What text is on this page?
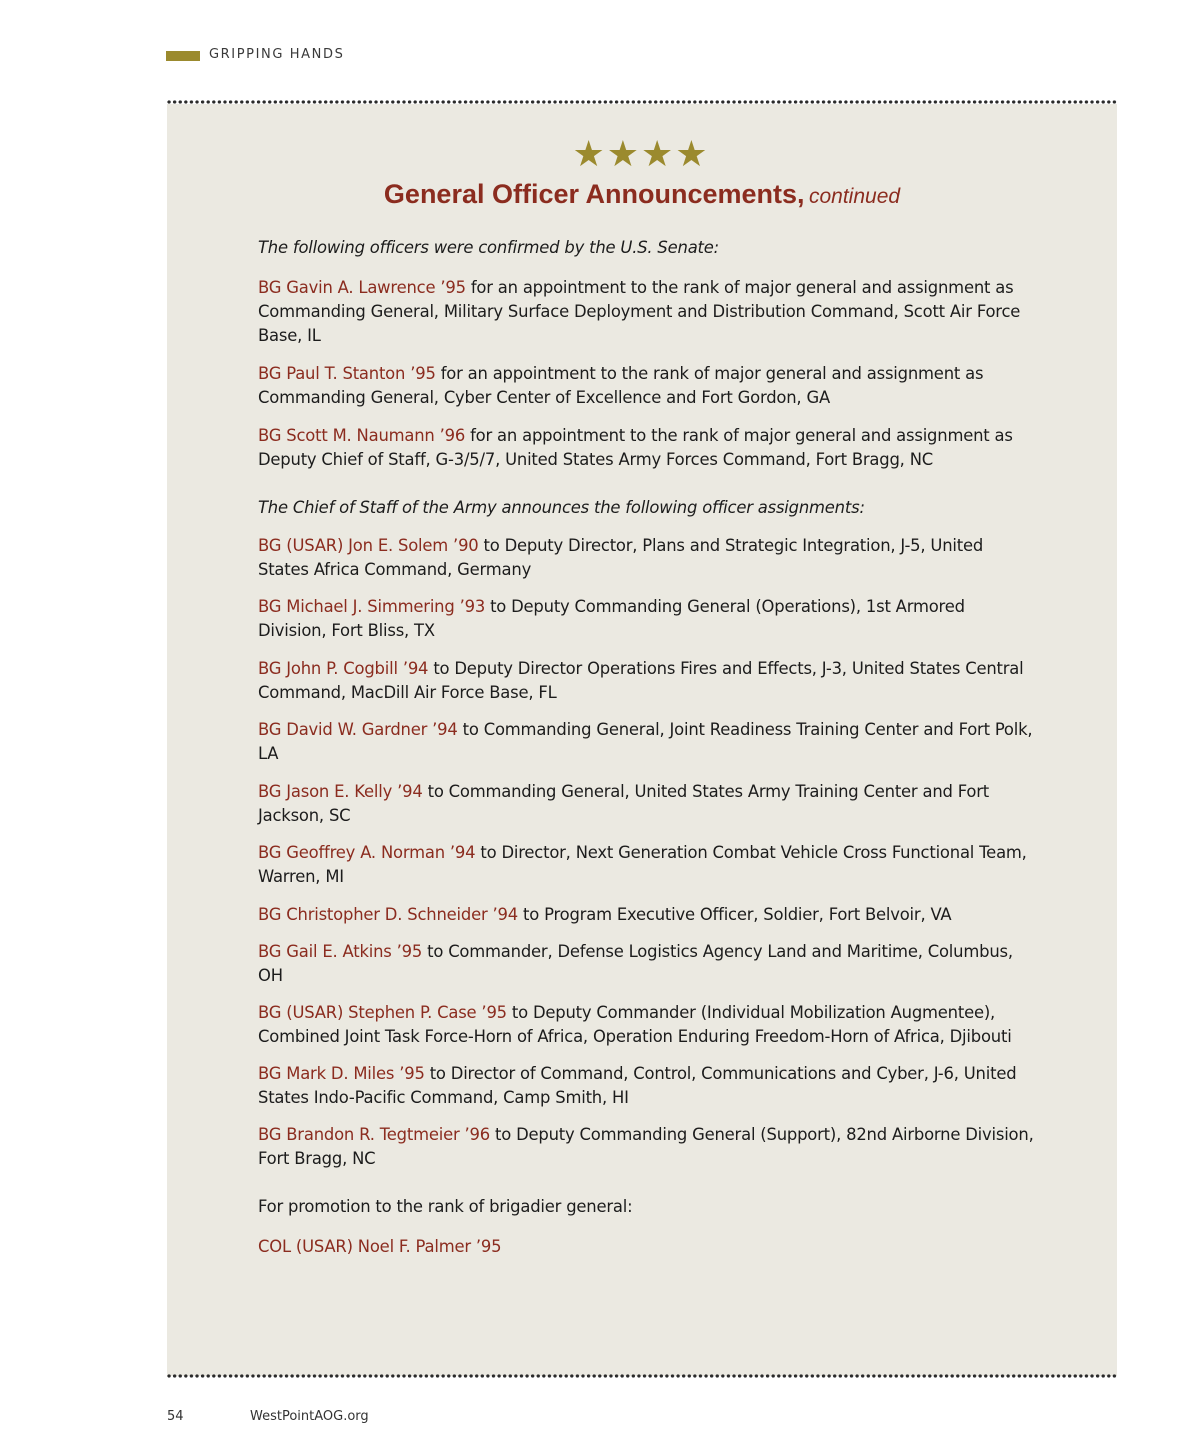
GRIPPING HANDS
★★★★
General Officer Announcements, continued

The following officers were confirmed by the U.S. Senate:

BG Gavin A. Lawrence ’95 for an appointment to the rank of major general and assignment as Commanding General, Military Surface Deployment and Distribution Command, Scott Air Force Base, IL

BG Paul T. Stanton ’95 for an appointment to the rank of major general and assignment as Commanding General, Cyber Center of Excellence and Fort Gordon, GA

BG Scott M. Naumann ’96 for an appointment to the rank of major general and assignment as Deputy Chief of Staff, G-3/5/7, United States Army Forces Command, Fort Bragg, NC

The Chief of Staff of the Army announces the following officer assignments:

BG (USAR) Jon E. Solem ’90 to Deputy Director, Plans and Strategic Integration, J-5, United States Africa Command, Germany

BG Michael J. Simmering ’93 to Deputy Commanding General (Operations), 1st Armored Division, Fort Bliss, TX

BG John P. Cogbill ’94 to Deputy Director Operations Fires and Effects, J-3, United States Central Command, MacDill Air Force Base, FL

BG David W. Gardner ’94 to Commanding General, Joint Readiness Training Center and Fort Polk, LA

BG Jason E. Kelly ’94 to Commanding General, United States Army Training Center and Fort Jackson, SC

BG Geoffrey A. Norman ’94 to Director, Next Generation Combat Vehicle Cross Functional Team, Warren, MI

BG Christopher D. Schneider ’94 to Program Executive Officer, Soldier, Fort Belvoir, VA

BG Gail E. Atkins ’95 to Commander, Defense Logistics Agency Land and Maritime, Columbus, OH

BG (USAR) Stephen P. Case ’95 to Deputy Commander (Individual Mobilization Augmentee), Combined Joint Task Force-Horn of Africa, Operation Enduring Freedom-Horn of Africa, Djibouti

BG Mark D. Miles ’95 to Director of Command, Control, Communications and Cyber, J-6, United States Indo-Pacific Command, Camp Smith, HI

BG Brandon R. Tegtmeier ’96 to Deputy Commanding General (Support), 82nd Airborne Division, Fort Bragg, NC

For promotion to the rank of brigadier general:

COL (USAR) Noel F. Palmer ’95

54	WestPointAOG.org
